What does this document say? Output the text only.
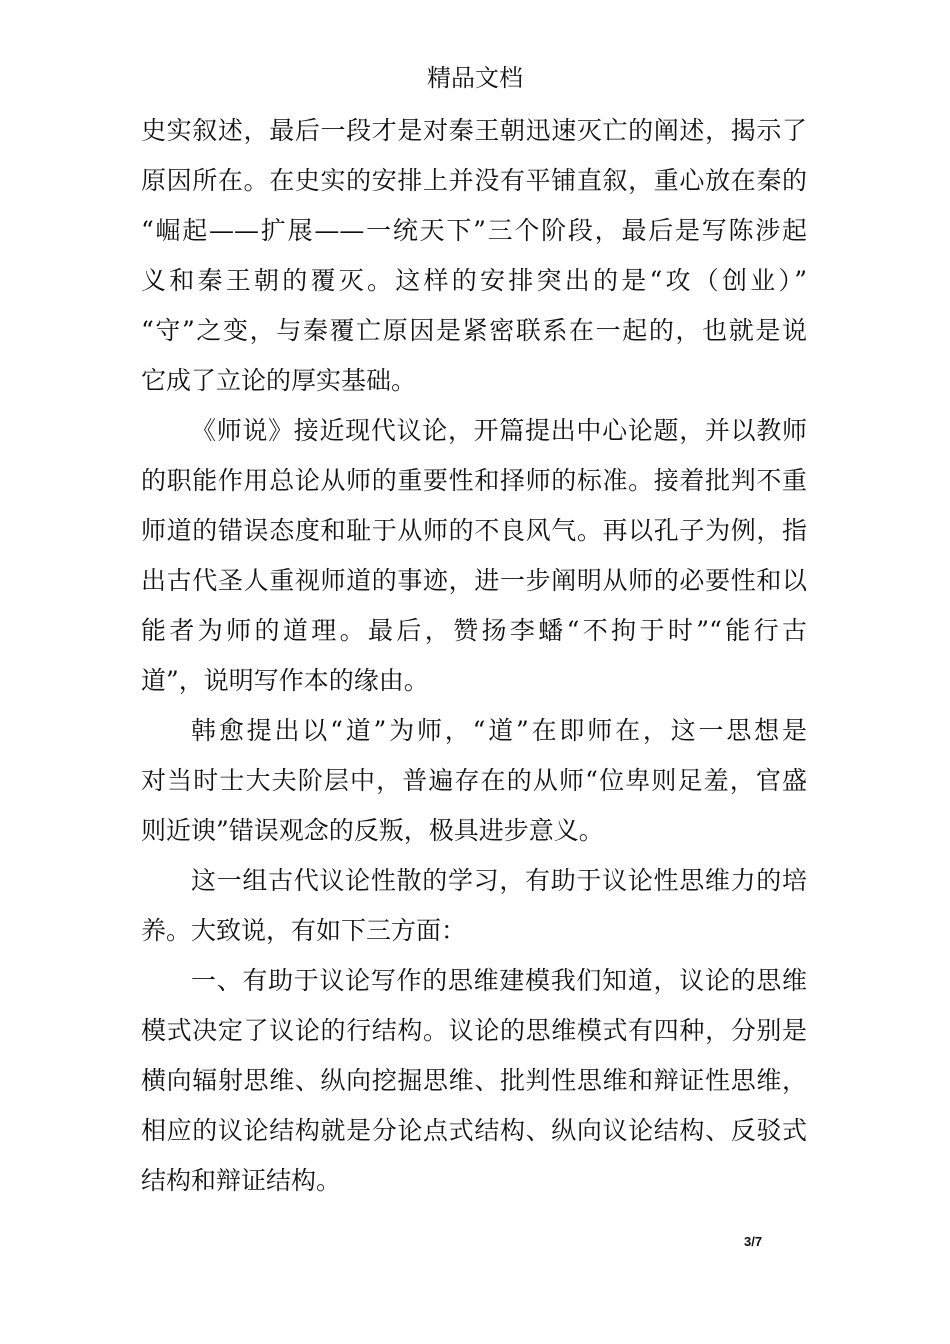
精品文档
史实叙述，最后一段才是对秦王朝迅速灭亡的阐述，揭示了
原因所在。在史实的安排上并没有平铺直叙，重心放在秦的
“崛起——扩展——一统天下”三个阶段，最后是写陈涉起
义和秦王朝的覆灭。这样的安排突出的是“攻（创业）”
“守”之变，与秦覆亡原因是紧密联系在一起的，也就是说
它成了立论的厚实基础。
《师说》接近现代议论，开篇提出中心论题，并以教师
的职能作用总论从师的重要性和择师的标准。接着批判不重
师道的错误态度和耻于从师的不良风气。再以孔子为例，指
出古代圣人重视师道的事迹，进一步阐明从师的必要性和以
能者为师的道理。最后，赞扬李蟠“不拘于时”“能行古
道”，说明写作本的缘由。
韩愈提出以“道”为师，“道”在即师在，这一思想是
对当时士大夫阶层中，普遍存在的从师“位卑则足羞，官盛
则近谀”错误观念的反叛，极具进步意义。
这一组古代议论性散的学习，有助于议论性思维力的培
养。大致说，有如下三方面：
一、有助于议论写作的思维建模我们知道，议论的思维
模式决定了议论的行结构。议论的思维模式有四种，分别是
横向辐射思维、纵向挖掘思维、批判性思维和辩证性思维，
相应的议论结构就是分论点式结构、纵向议论结构、反驳式
结构和辩证结构。
3/7
